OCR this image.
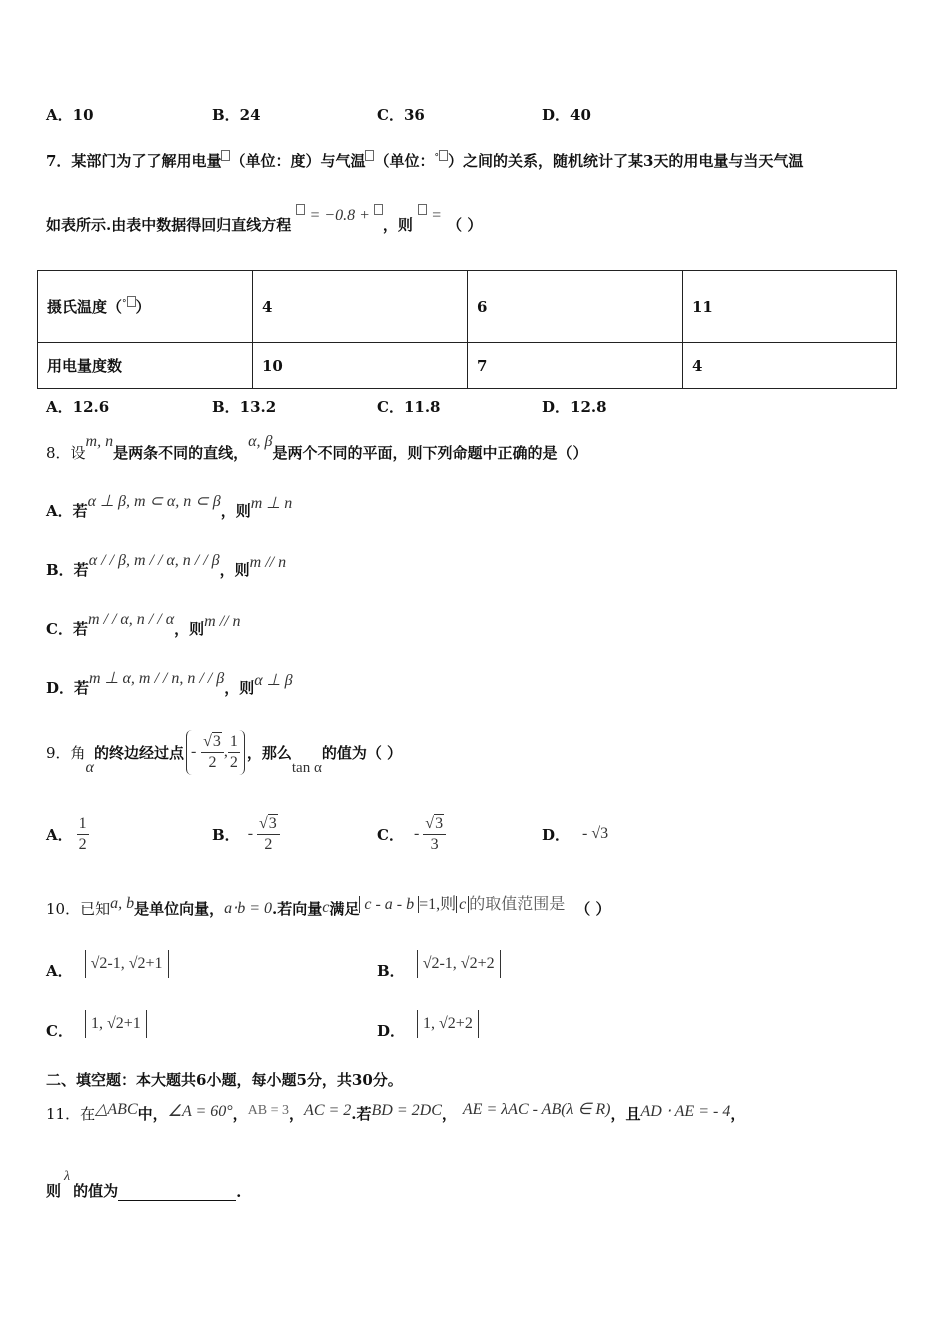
A．10	B．24	C．36	D．40
7．某部门为了了解用电量 （单位：度）与气温 （单位：° ）之间的关系，随机统计了某3天的用电量与当天气温
如表所示.由表中数据得回归直线方程  = −0.8 + ，则  = （ ）
摄氏温度（° ）	4	6	11
用电量度数	10	7	4
A．12.6	B．13.2	C．11.8	D．12.8
8．设m, n是两条不同的直线，α, β是两个不同的平面，则下列命题中正确的是（）
A．若α ⊥ β, m ⊂ α, n ⊂ β，则m ⊥ n
B．若α / / β, m / / α, n / / β，则m // n
C．若m / / α, n / / α，则m // n
D．若m ⊥ α, m / / n, n / / β，则α ⊥ β
9．角
α
的终边经过点 -
$\frac{√3}{2}$ , $\frac{1}{2}$ ，那么
tan α
的值为（ ）
A． $\frac{1}{2}$	B． - $\frac{√3}{2}$	C． - $\frac{√3}{3}$	D． - √3
10．已知 a, b 是单位向量， a⋅b = 0 .若向量 c 满足 c - a - b =1,则 c 的取值范围是 （ ）
A．	√2-1, √2+1	B．	√2-1, √2+2
C．	1, √2+1	D．	1, √2+2
二、填空题：本大题共6小题，每小题5分，共30分。
11．在 △ABC 中， ∠A = 60° ， AB = 3 ， AC = 2 .若 BD = 2DC ， AE = λAC - AB(λ ∈ R) ，且 AD ⋅ AE = - 4 ，
则
λ
的值为	.
